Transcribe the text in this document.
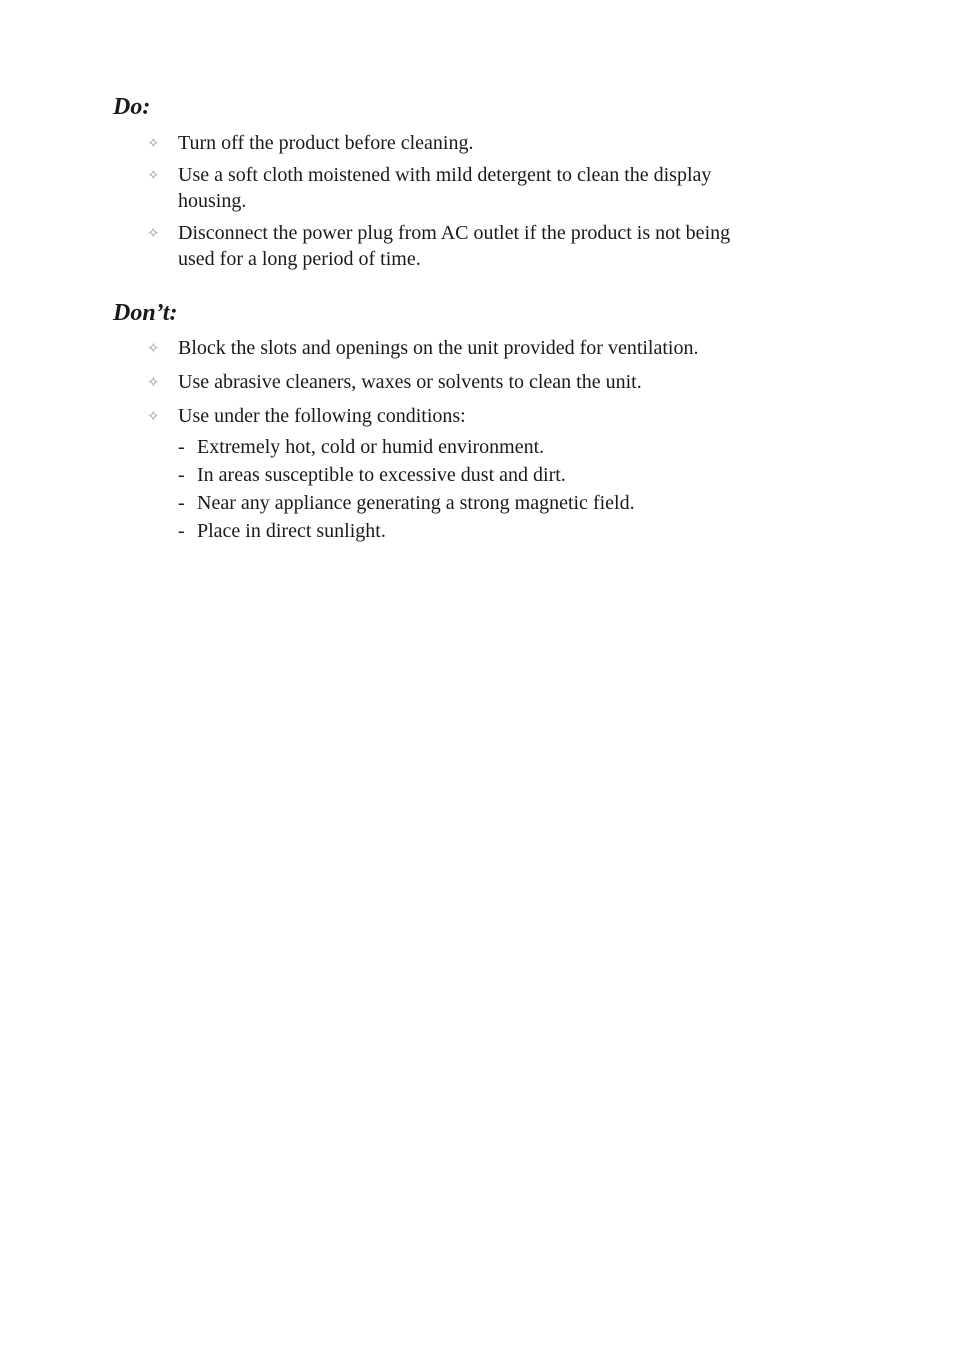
Do:
✧ Turn off the product before cleaning.
✧ Use a soft cloth moistened with mild detergent to clean the display housing.
✧ Disconnect the power plug from AC outlet if the product is not being used for a long period of time.
Don’t:
✧ Block the slots and openings on the unit provided for ventilation.
✧ Use abrasive cleaners, waxes or solvents to clean the unit.
✧ Use under the following conditions:
- Extremely hot, cold or humid environment.
- In areas susceptible to excessive dust and dirt.
- Near any appliance generating a strong magnetic field.
- Place in direct sunlight.
